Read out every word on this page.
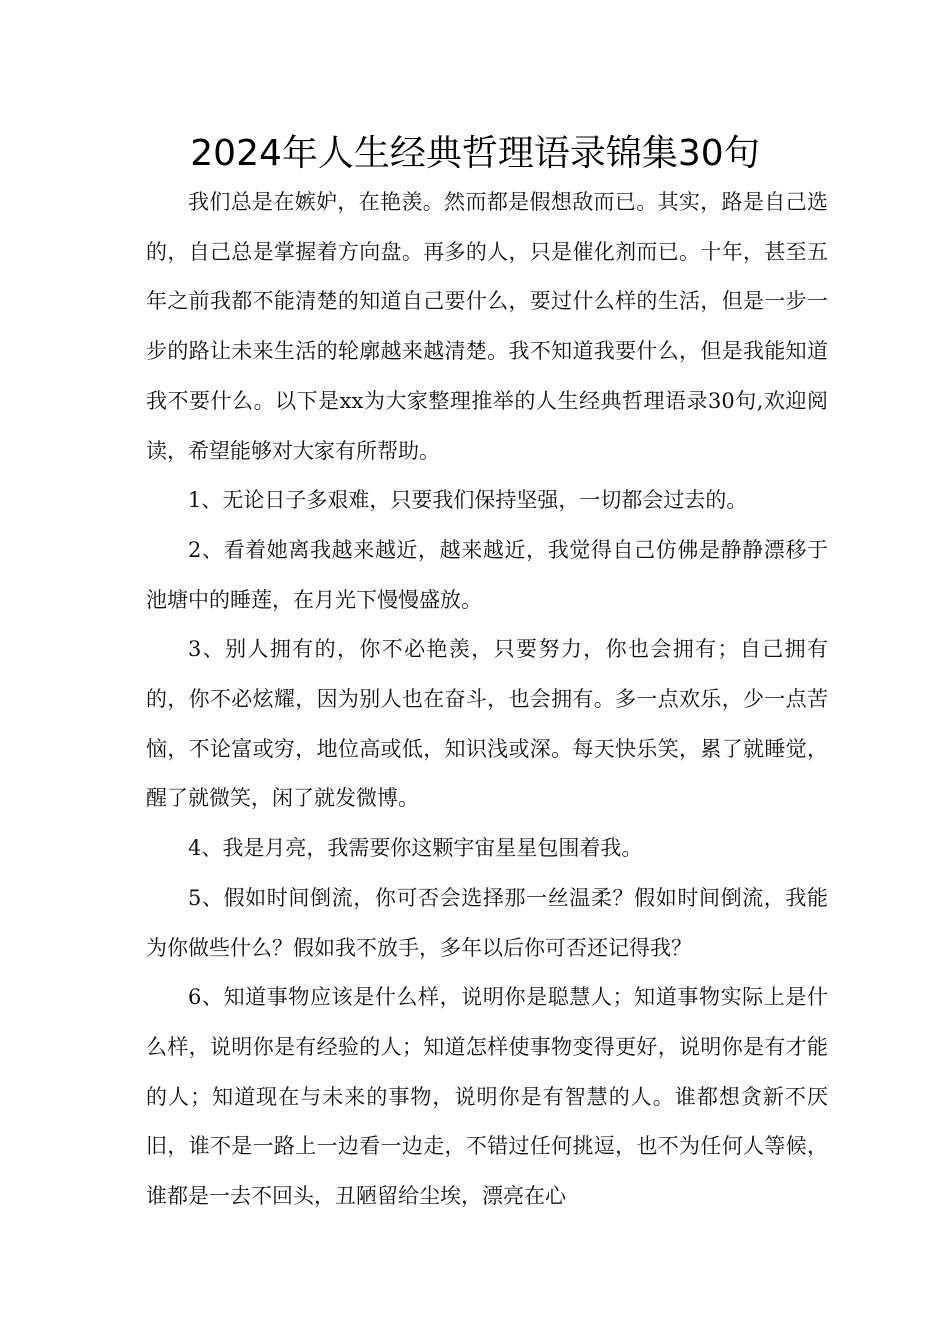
2024年人生经典哲理语录锦集30句

我们总是在嫉妒，在艳羡。然而都是假想敌而已。其实，路是自己选的，自己总是掌握着方向盘。再多的人，只是催化剂而已。十年，甚至五年之前我都不能清楚的知道自己要什么，要过什么样的生活，但是一步一步的路让未来生活的轮廓越来越清楚。我不知道我要什么，但是我能知道我不要什么。以下是xx为大家整理推举的人生经典哲理语录30句,欢迎阅读，希望能够对大家有所帮助。

1、无论日子多艰难，只要我们保持坚强，一切都会过去的。

2、看着她离我越来越近，越来越近，我觉得自己仿佛是静静漂移于池塘中的睡莲，在月光下慢慢盛放。

3、别人拥有的，你不必艳羡，只要努力，你也会拥有；自己拥有的，你不必炫耀，因为别人也在奋斗，也会拥有。多一点欢乐，少一点苦恼，不论富或穷，地位高或低，知识浅或深。每天快乐笑，累了就睡觉，醒了就微笑，闲了就发微博。

4、我是月亮，我需要你这颗宇宙星星包围着我。

5、假如时间倒流，你可否会选择那一丝温柔？假如时间倒流，我能为你做些什么？假如我不放手，多年以后你可否还记得我？

6、知道事物应该是什么样，说明你是聪慧人；知道事物实际上是什么样，说明你是有经验的人；知道怎样使事物变得更好，说明你是有才能的人；知道现在与未来的事物，说明你是有智慧的人。谁都想贪新不厌旧，谁不是一路上一边看一边走，不错过任何挑逗，也不为任何人等候，谁都是一去不回头，丑陋留给尘埃，漂亮在心
